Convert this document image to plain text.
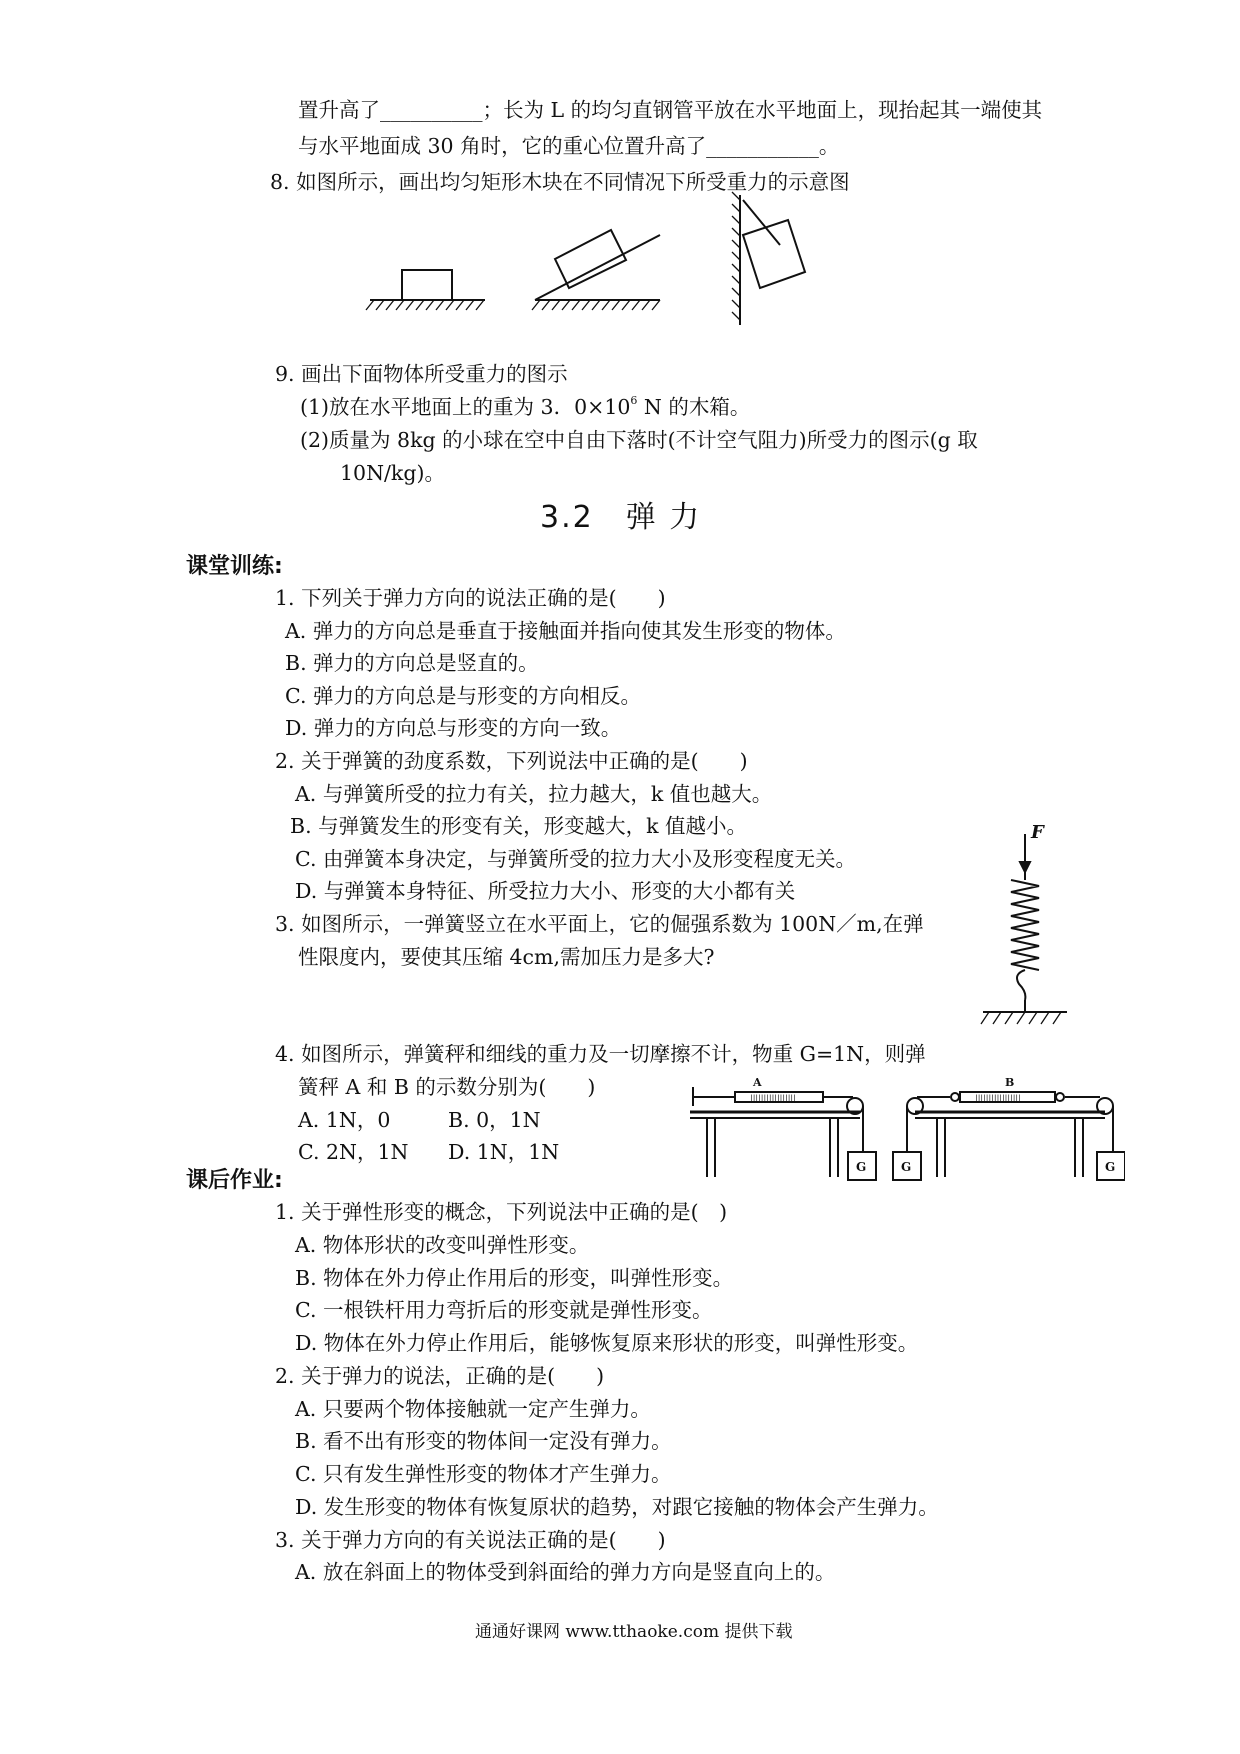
置升高了__________；长为 L 的均匀直钢管平放在水平地面上，现抬起其一端使其
与水平地面成 30 角时，它的重心位置升高了___________。
8. 如图所示，画出均匀矩形木块在不同情况下所受重力的示意图
9. 画出下面物体所受重力的图示
(1)放在水平地面上的重为 3．$0\times 10^6$ N 的木箱。
(2)质量为 8kg 的小球在空中自由下落时(不计空气阻力)所受力的图示(g 取
10N/kg)。
3.2　弹 力
课堂训练:
1. 下列关于弹力方向的说法正确的是(　　)
A. 弹力的方向总是垂直于接触面并指向使其发生形变的物体。
B. 弹力的方向总是竖直的。
C. 弹力的方向总是与形变的方向相反。
D. 弹力的方向总与形变的方向一致。
2. 关于弹簧的劲度系数，下列说法中正确的是(　　)
A. 与弹簧所受的拉力有关，拉力越大，k 值也越大。
B. 与弹簧发生的形变有关，形变越大，k 值越小。
C. 由弹簧本身决定，与弹簧所受的拉力大小及形变程度无关。
D. 与弹簧本身特征、所受拉力大小、形变的大小都有关
3. 如图所示，一弹簧竖立在水平面上，它的倔强系数为 100N／m,在弹
性限度内，要使其压缩 4cm,需加压力是多大?
F
4. 如图所示，弹簧秤和细线的重力及一切摩擦不计，物重 G=1N，则弹
簧秤 A 和 B 的示数分别为(　　)
A. 1N，0	B. 0，1N
C. 2N，1N D. 1N，1N
|||||||||||||||||
A
G	G
|||||||||||||||||
B
G
课后作业:
1. 关于弹性形变的概念，下列说法中正确的是(　)
A. 物体形状的改变叫弹性形变。
B. 物体在外力停止作用后的形变，叫弹性形变。
C. 一根铁杆用力弯折后的形变就是弹性形变。
D. 物体在外力停止作用后，能够恢复原来形状的形变，叫弹性形变。
2. 关于弹力的说法，正确的是(　　)
A. 只要两个物体接触就一定产生弹力。
B. 看不出有形变的物体间一定没有弹力。
C. 只有发生弹性形变的物体才产生弹力。
D. 发生形变的物体有恢复原状的趋势，对跟它接触的物体会产生弹力。
3. 关于弹力方向的有关说法正确的是(　　)
A. 放在斜面上的物体受到斜面给的弹力方向是竖直向上的。
通通好课网 www.tthaoke.com 提供下载
